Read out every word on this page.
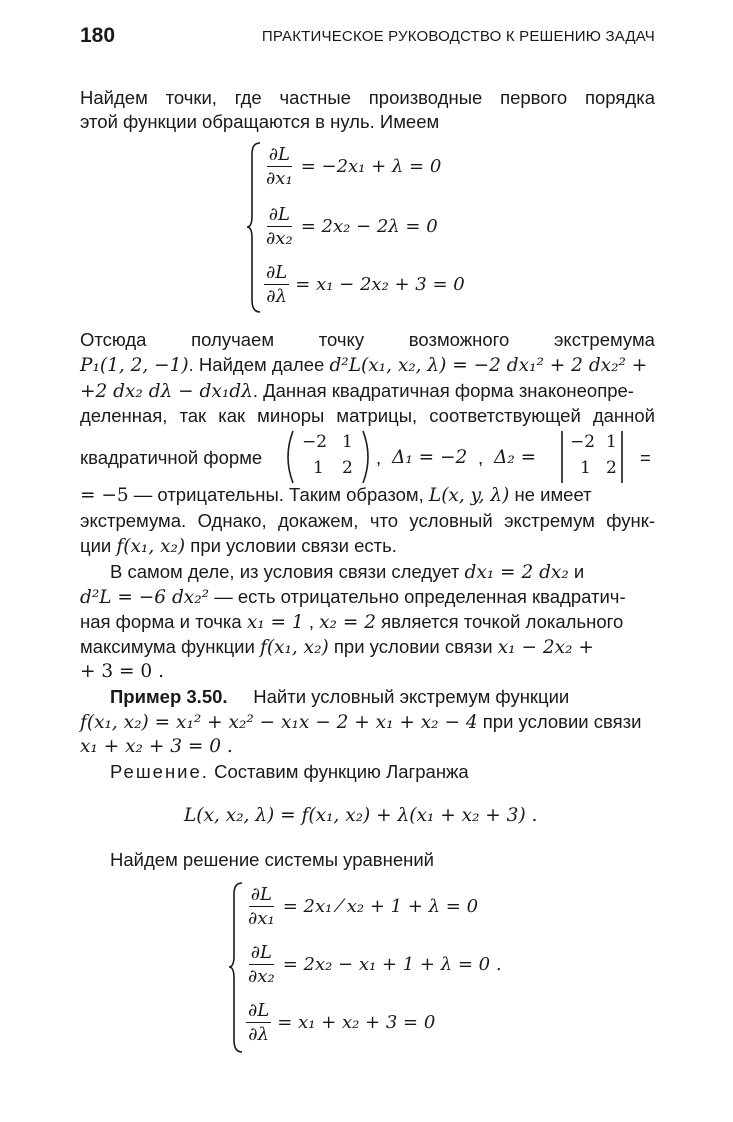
180	ПРАКТИЧЕСКОЕ РУКОВОДСТВО К РЕШЕНИЮ ЗАДАЧ
Найдем точки, где частные производные первого порядка
этой функции обращаются в нуль. Имеем
$\frac{\partial L}{\text{∂x₁}} = -2x_1 + \lambda = 0$
$\frac{\partial L}{\text{∂x₂}} = 2x_2 - 2\lambda = 0$
$\frac{\partial L}{\partial\lambda} = x_1 - 2x_2 + 3 = 0$
Отсюда получаем точку возможного экстремума
P₁(1, 2, −1). Найдем далее d²L(x₁, x₂, λ) = −2 dx₁² + 2 dx₂² +
+2 dx₂ dλ − dx₁dλ. Данная квадратичная форма знаконеопре-
деленная, так как миноры матрицы, соответствующей данной
квадратичной форме
−2 1
1 2 , Δ₁ = −2 , Δ₂ =
−2 1
1 2 =
= −5 — отрицательны. Таким образом, L(x, y, λ) не имеет
экстремума. Однако, докажем, что условный экстремум функ-
ции f(x₁, x₂) при условии связи есть.
В самом деле, из условия связи следует dx₁ = 2 dx₂ и
d²L = −6 dx₂² — есть отрицательно определенная квадратич-
ная форма и точка x₁ = 1 , x₂ = 2 является точкой локального
максимума функции f(x₁, x₂) при условии связи x₁ − 2x₂ +
+ 3 = 0 .
Пример 3.50. Найти условный экстремум функции
f(x₁, x₂) = x₁² + x₂² − x₁x − 2 + x₁ + x₂ − 4 при условии связи
x₁ + x₂ + 3 = 0 .
Решение. Составим функцию Лагранжа
L(x, x₂, λ) = f(x₁, x₂) + λ(x₁ + x₂ + 3) .
Найдем решение системы уравнений
$\frac{\partial L}{\text{∂x₁}} = 2x_1$ ⁄ x₂ + 1 + λ = 0
$\frac{\partial L}{\text{∂x₂}} = 2x_2 - x_1 + 1 + \lambda = 0$ .
$\frac{\partial L}{\partial\lambda} = x_1 + x_2 + 3 = 0$
